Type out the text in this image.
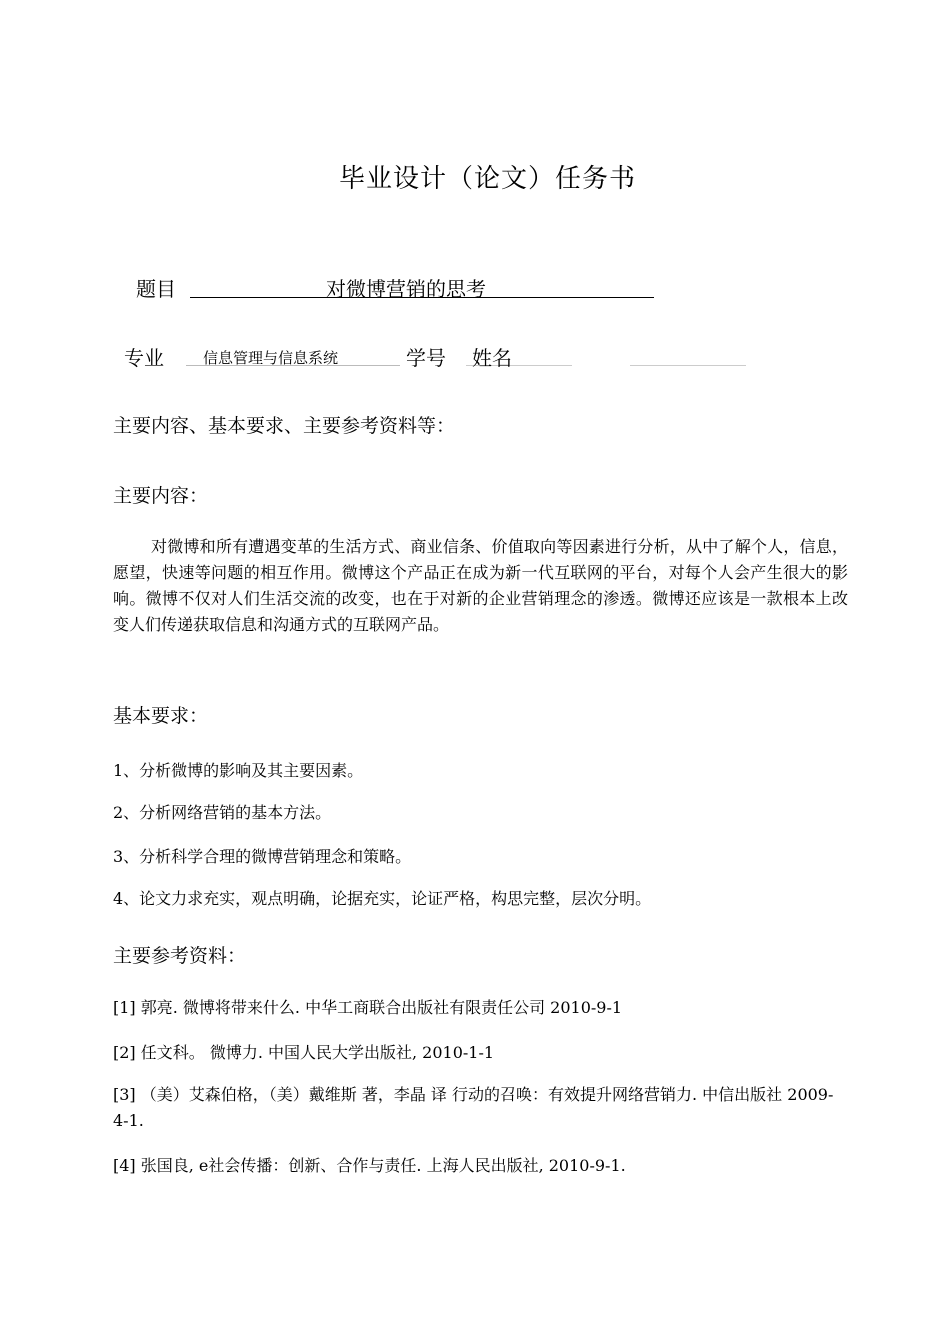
毕业设计（论文）任务书
题目	对微博营销的思考
专业	信息管理与信息系统	学号 姓名
主要内容、基本要求、主要参考资料等：
主要内容：
对微博和所有遭遇变革的生活方式、商业信条、价值取向等因素进行分析，从中了解个人，信息，愿望，快速等问题的相互作用。微博这个产品正在成为新一代互联网的平台，对每个人会产生很大的影响。微博不仅对人们生活交流的改变，也在于对新的企业营销理念的渗透。微博还应该是一款根本上改变人们传递获取信息和沟通方式的互联网产品。
基本要求：
1、分析微博的影响及其主要因素。
2、分析网络营销的基本方法。
3、分析科学合理的微博营销理念和策略。
4、论文力求充实，观点明确，论据充实，论证严格，构思完整，层次分明。
主要参考资料：
[1] 郭亮. 微博将带来什么. 中华工商联合出版社有限责任公司 2010-9-1
[2] 任文科。 微博力. 中国人民大学出版社, 2010-1-1
[3] （美）艾森伯格，（美）戴维斯 著，李晶 译 行动的召唤：有效提升网络营销力. 中信出版社 2009-4-1.
[4] 张国良, e社会传播：创新、合作与责任. 上海人民出版社, 2010-9-1.
